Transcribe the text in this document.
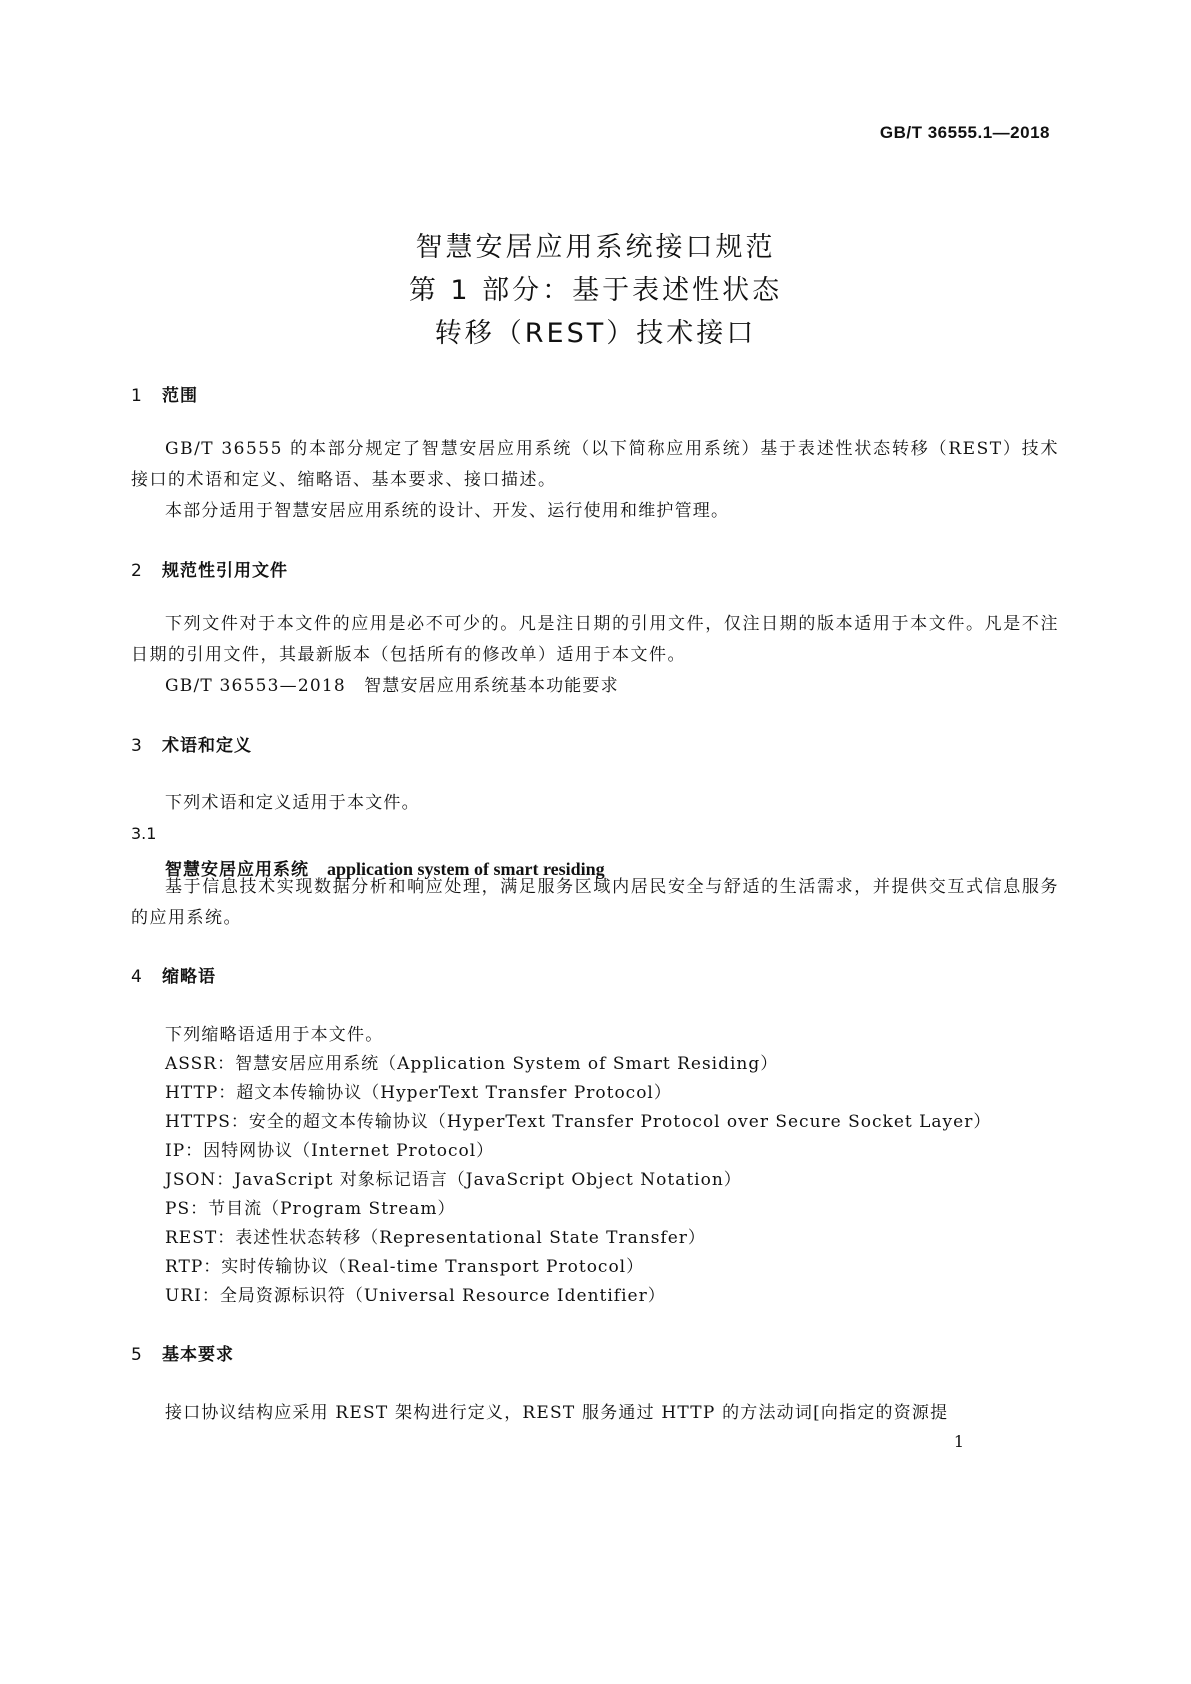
GB/T 36555.1—2018

智慧安居应用系统接口规范

第 1 部分：基于表述性状态

转移（REST）技术接口

1 范围

GB/T 36555 的本部分规定了智慧安居应用系统（以下简称应用系统）基于表述性状态转移（REST）技术接口的术语和定义、缩略语、基本要求、接口描述。

本部分适用于智慧安居应用系统的设计、开发、运行使用和维护管理。

2 规范性引用文件

下列文件对于本文件的应用是必不可少的。凡是注日期的引用文件，仅注日期的版本适用于本文件。凡是不注日期的引用文件，其最新版本（包括所有的修改单）适用于本文件。

GB/T 36553—2018　智慧安居应用系统基本功能要求

3 术语和定义

下列术语和定义适用于本文件。

3.1

智慧安居应用系统 application system of smart residing

基于信息技术实现数据分析和响应处理，满足服务区域内居民安全与舒适的生活需求，并提供交互式信息服务的应用系统。

4 缩略语

下列缩略语适用于本文件。

ASSR：智慧安居应用系统（Application System of Smart Residing）

HTTP：超文本传输协议（HyperText Transfer Protocol）

HTTPS：安全的超文本传输协议（HyperText Transfer Protocol over Secure Socket Layer）

IP：因特网协议（Internet Protocol）

JSON：JavaScript 对象标记语言（JavaScript Object Notation）

PS：节目流（Program Stream）

REST：表述性状态转移（Representational State Transfer）

RTP：实时传输协议（Real-time Transport Protocol）

URI：全局资源标识符（Universal Resource Identifier）

5 基本要求

接口协议结构应采用 REST 架构进行定义，REST 服务通过 HTTP 的方法动词[向指定的资源提

1
